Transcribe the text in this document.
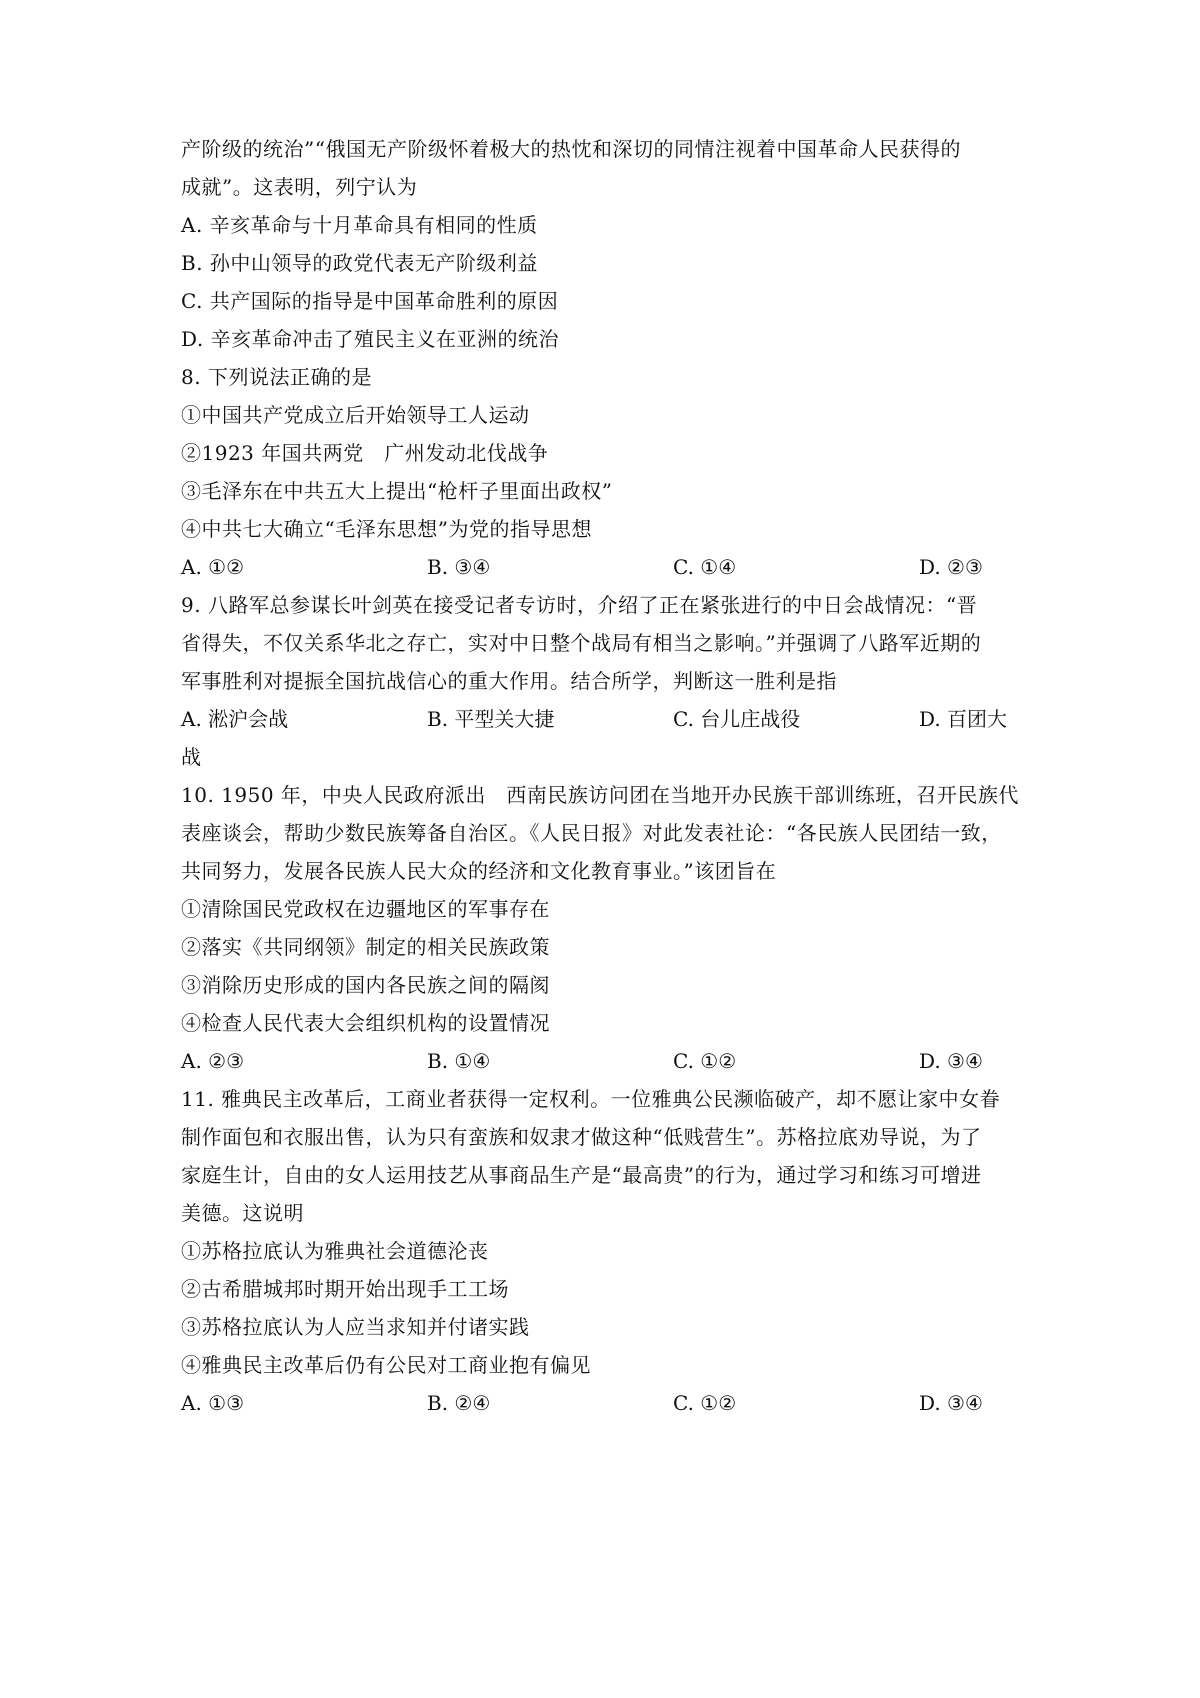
产阶级的统治”“俄国无产阶级怀着极大的热忱和深切的同情注视着中国革命人民获得的
成就”。这表明，列宁认为
A. 辛亥革命与十月革命具有相同的性质
B. 孙中山领导的政党代表无产阶级利益
C. 共产国际的指导是中国革命胜利的原因
D. 辛亥革命冲击了殖民主义在亚洲的统治
8. 下列说法正确的是
①中国共产党成立后开始领导工人运动
②1923 年国共两党　广州发动北伐战争
③毛泽东在中共五大上提出“枪杆子里面出政权”
④中共七大确立“毛泽东思想”为党的指导思想
A. ①②	B. ③④	C. ①④	D. ②③
9. 八路军总参谋长叶剑英在接受记者专访时，介绍了正在紧张进行的中日会战情况：“晋
省得失，不仅关系华北之存亡，实对中日整个战局有相当之影响。”并强调了八路军近期的
军事胜利对提振全国抗战信心的重大作用。结合所学，判断这一胜利是指
A. 淞沪会战	B. 平型关大捷	C. 台儿庄战役	D. 百团大
战
10. 1950 年，中央人民政府派出　西南民族访问团在当地开办民族干部训练班，召开民族代
表座谈会，帮助少数民族筹备自治区。《人民日报》对此发表社论：“各民族人民团结一致，
共同努力，发展各民族人民大众的经济和文化教育事业。”该团旨在
①清除国民党政权在边疆地区的军事存在
②落实《共同纲领》制定的相关民族政策
③消除历史形成的国内各民族之间的隔阂
④检查人民代表大会组织机构的设置情况
A. ②③	B. ①④	C. ①②	D. ③④
11. 雅典民主改革后，工商业者获得一定权利。一位雅典公民濒临破产，却不愿让家中女眷
制作面包和衣服出售，认为只有蛮族和奴隶才做这种“低贱营生”。苏格拉底劝导说，为了
家庭生计，自由的女人运用技艺从事商品生产是“最高贵”的行为，通过学习和练习可增进
美德。这说明
①苏格拉底认为雅典社会道德沦丧
②古希腊城邦时期开始出现手工工场
③苏格拉底认为人应当求知并付诸实践
④雅典民主改革后仍有公民对工商业抱有偏见
A. ①③	B. ②④	C. ①②	D. ③④
